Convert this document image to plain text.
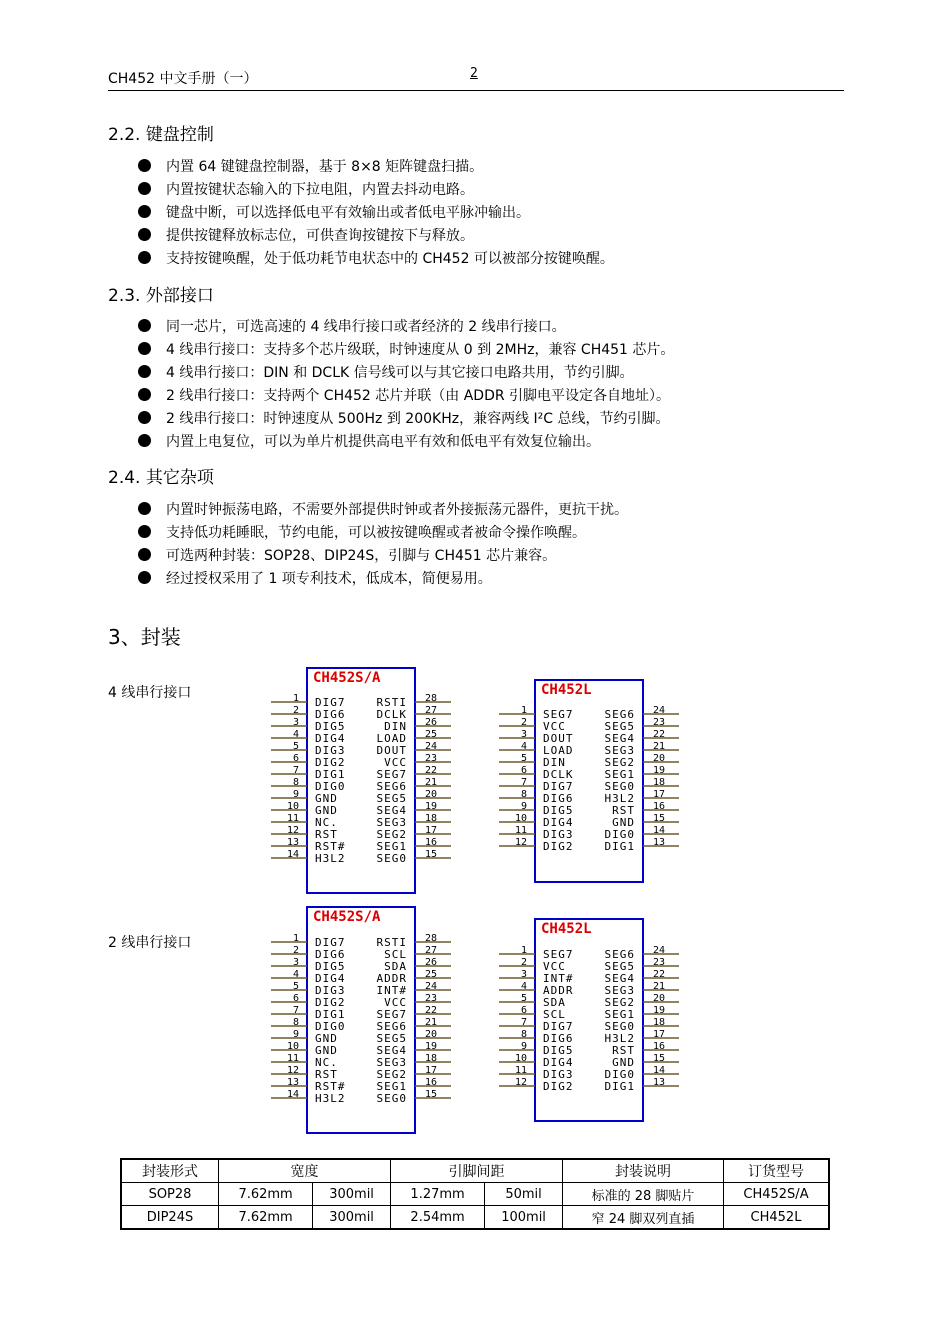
CH452 中文手册（一）	2
2.2. 键盘控制
内置 64 键键盘控制器，基于 8×8 矩阵键盘扫描。
内置按键状态输入的下拉电阻，内置去抖动电路。
键盘中断，可以选择低电平有效输出或者低电平脉冲输出。
提供按键释放标志位，可供查询按键按下与释放。
支持按键唤醒，处于低功耗节电状态中的 CH452 可以被部分按键唤醒。
2.3. 外部接口
同一芯片，可选高速的 4 线串行接口或者经济的 2 线串行接口。
4 线串行接口：支持多个芯片级联，时钟速度从 0 到 2MHz，兼容 CH451 芯片。
4 线串行接口：DIN 和 DCLK 信号线可以与其它接口电路共用，节约引脚。
2 线串行接口：支持两个 CH452 芯片并联（由 ADDR 引脚电平设定各自地址）。
2 线串行接口：时钟速度从 500Hz 到 200KHz，兼容两线 I²C 总线，节约引脚。
内置上电复位，可以为单片机提供高电平有效和低电平有效复位输出。
2.4. 其它杂项
内置时钟振荡电路，不需要外部提供时钟或者外接振荡元器件，更抗干扰。
支持低功耗睡眠，节约电能，可以被按键唤醒或者被命令操作唤醒。
可选两种封装：SOP28、DIP24S，引脚与 CH451 芯片兼容。
经过授权采用了 1 项专利技术，低成本，简便易用。
3、封装
4 线串行接口
2 线串行接口
CH452S/A
1 DIG7	28
RSTI
2 DIG6	27
DCLK
3 DIG5	26
DIN
4 DIG4	25
LOAD
5 DIG3	24
DOUT
6 DIG2	23
VCC
7 DIG1	22
SEG7
8 DIG0	21
SEG6
9 GND	20
SEG5
10 GND	19
SEG4
11 NC.	18
SEG3
12 RST	17
SEG2
13 RST#	16
SEG1
14 H3L2	15
SEG0
CH452L
1 SEG7	24
SEG6
2 VCC	23
SEG5
3 DOUT	22
SEG4
4 LOAD	21
SEG3
5 DIN	20
SEG2
6 DCLK	19
SEG1
7 DIG7	18
SEG0
8 DIG6	17
H3L2
9 DIG5	16
RST
10 DIG4	15
GND
11 DIG3	14
DIG0
12 DIG2	13
DIG1
CH452S/A
1 DIG7	28
RSTI
2 DIG6	27
SCL
3 DIG5	26
SDA
4 DIG4	25
ADDR
5 DIG3	24
INT#
6 DIG2	23
VCC
7 DIG1	22
SEG7
8 DIG0	21
SEG6
9 GND	20
SEG5
10 GND	19
SEG4
11 NC.	18
SEG3
12 RST	17
SEG2
13 RST#	16
SEG1
14 H3L2	15
SEG0
CH452L
1 SEG7	24
SEG6
2 VCC	23
SEG5
3 INT#	22
SEG4
4 ADDR	21
SEG3
5 SDA	20
SEG2
6 SCL	19
SEG1
7 DIG7	18
SEG0
8 DIG6	17
H3L2
9 DIG5	16
RST
10 DIG4	15
GND
11 DIG3	14
DIG0
12 DIG2	13
DIG1
封装形式	宽度		引脚间距		封装说明	订货型号
SOP28	7.62mm	300mil	1.27mm	50mil	标准的 28 脚贴片	CH452S/A
DIP24S	7.62mm	300mil	2.54mm	100mil	窄 24 脚双列直插	CH452L
